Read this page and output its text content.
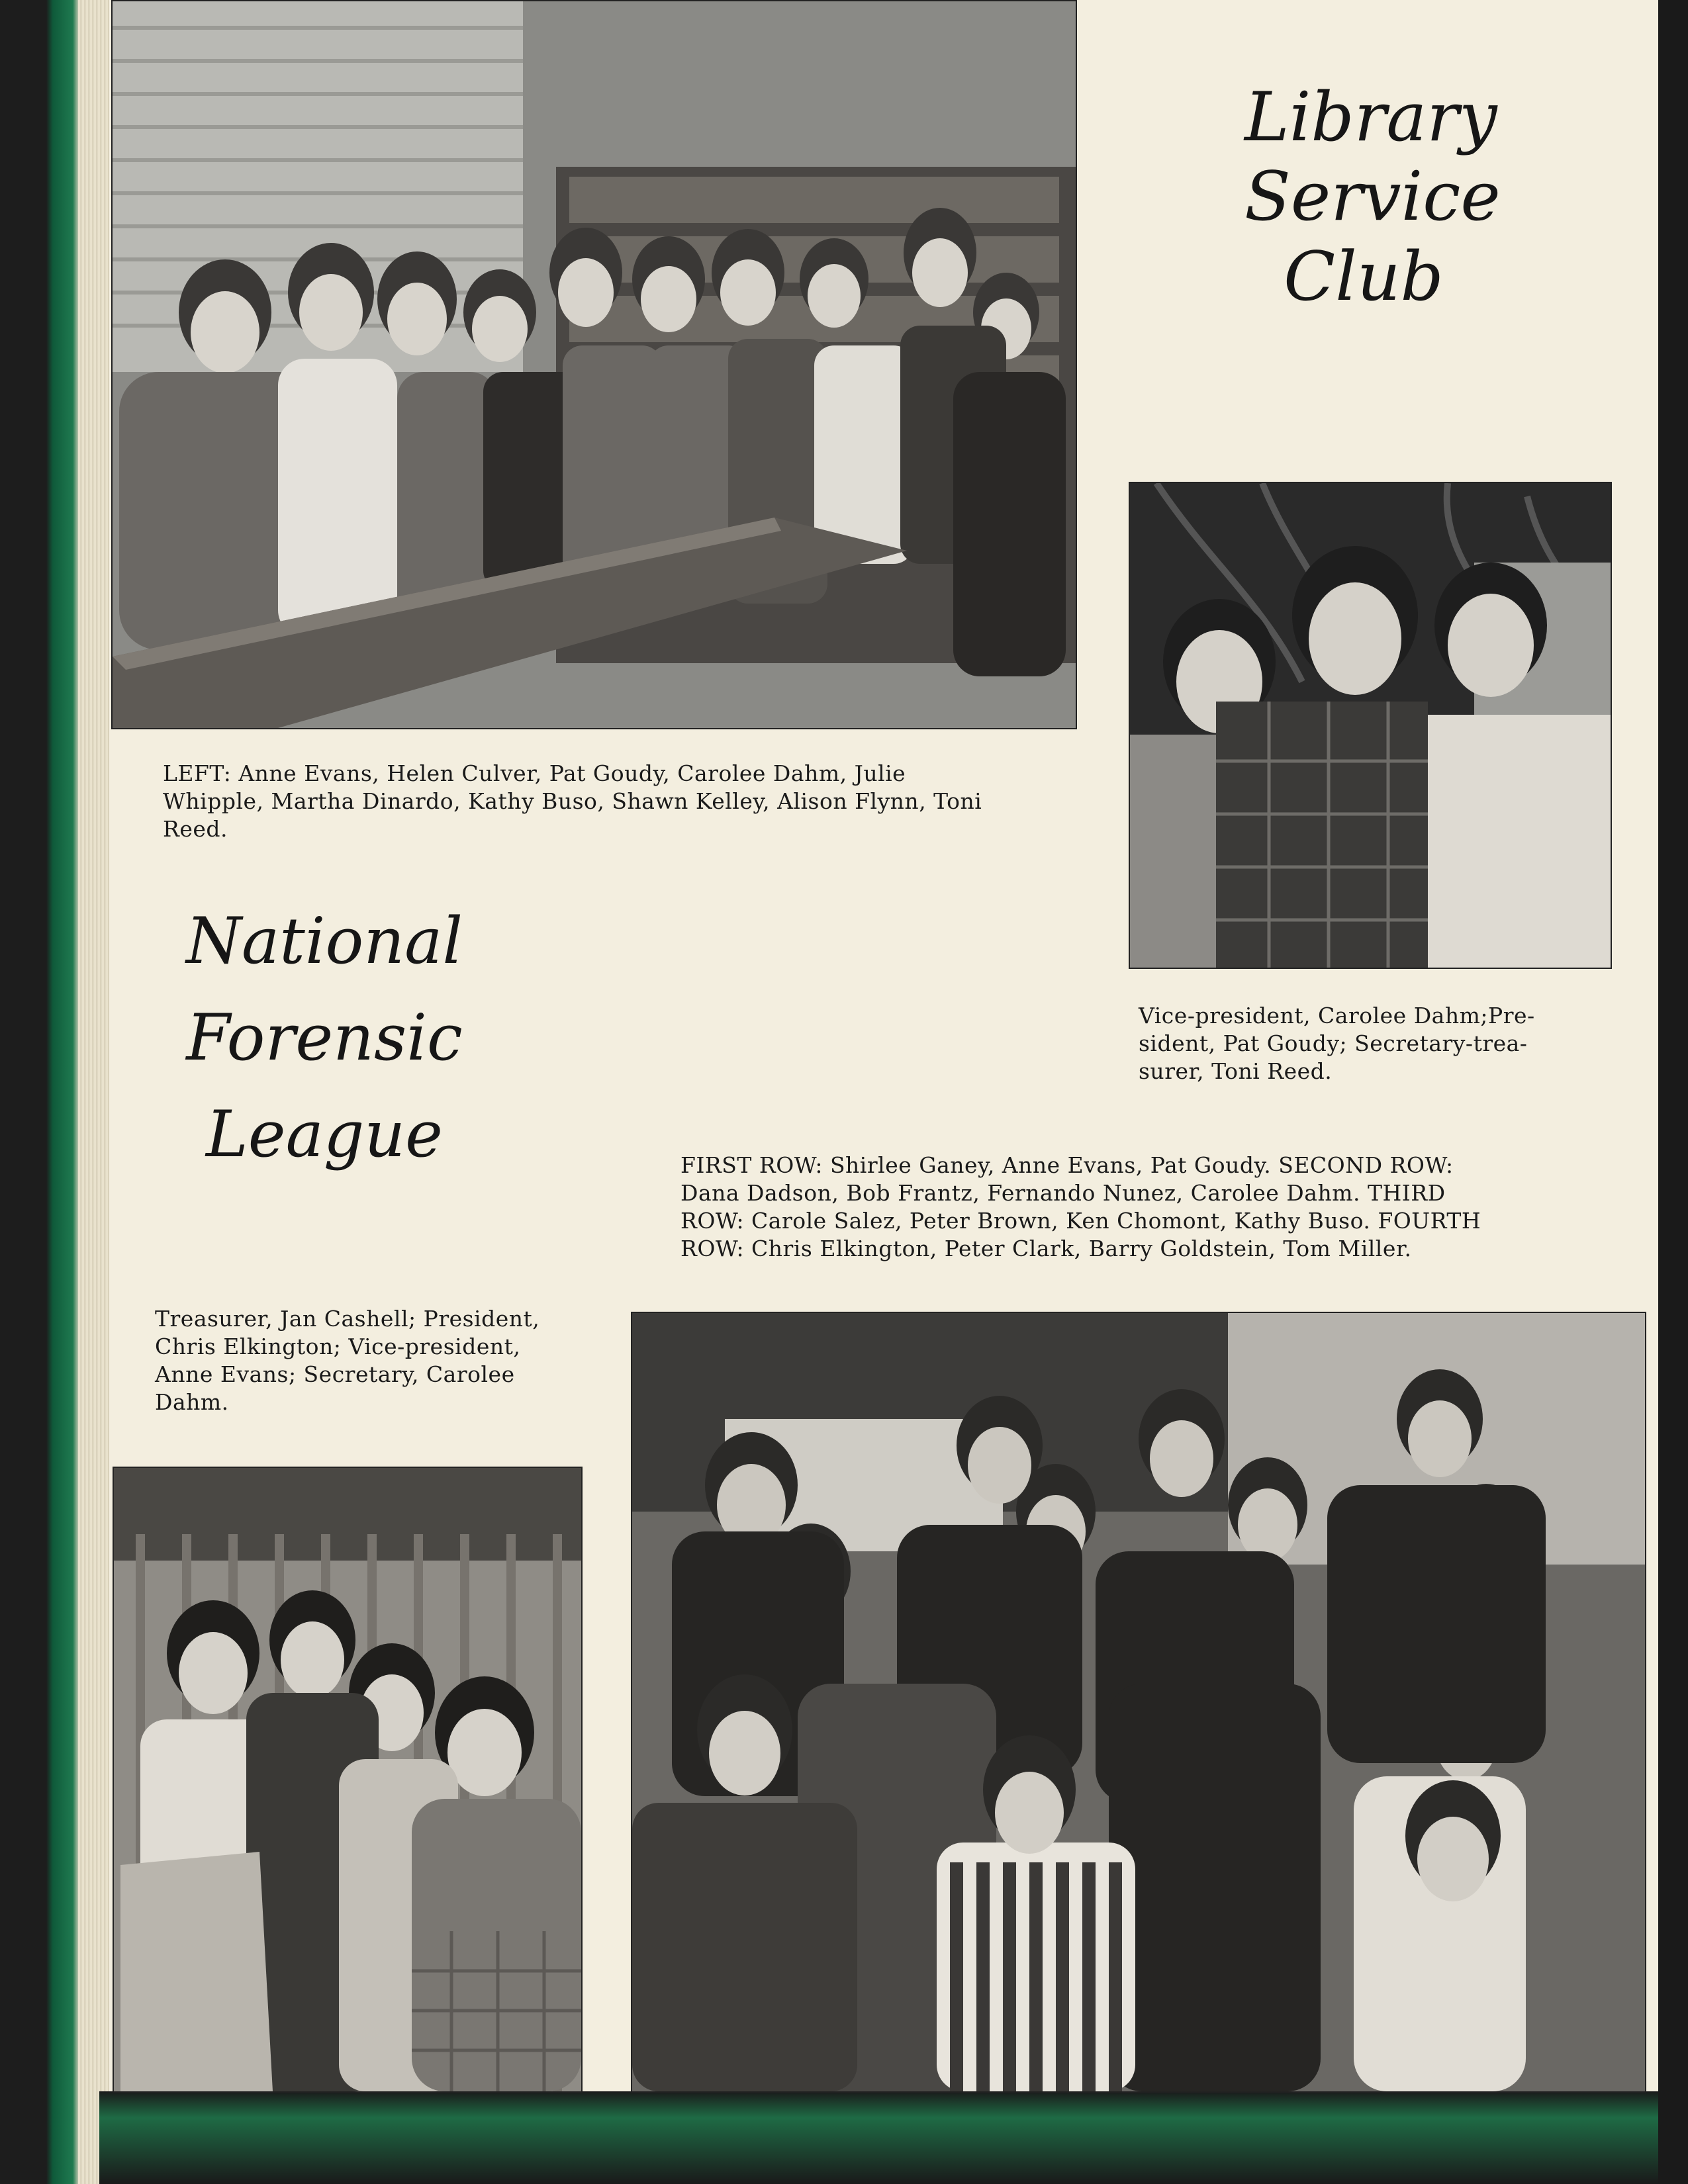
Library
Service
Club
LEFT: Anne Evans, Helen Culver, Pat Goudy, Carolee Dahm, Julie
Whipple, Martha Dinardo, Kathy Buso, Shawn Kelley, Alison Flynn, Toni
Reed.
National
Forensic
League
Vice-president, Carolee Dahm;Pre-
sident, Pat Goudy; Secretary-trea-
surer, Toni Reed.
FIRST ROW: Shirlee Ganey, Anne Evans, Pat Goudy. SECOND ROW:
Dana Dadson, Bob Frantz, Fernando Nunez, Carolee Dahm. THIRD
ROW: Carole Salez, Peter Brown, Ken Chomont, Kathy Buso. FOURTH
ROW: Chris Elkington, Peter Clark, Barry Goldstein, Tom Miller.
Treasurer, Jan Cashell; President,
Chris Elkington; Vice-president,
Anne Evans; Secretary, Carolee
Dahm.
